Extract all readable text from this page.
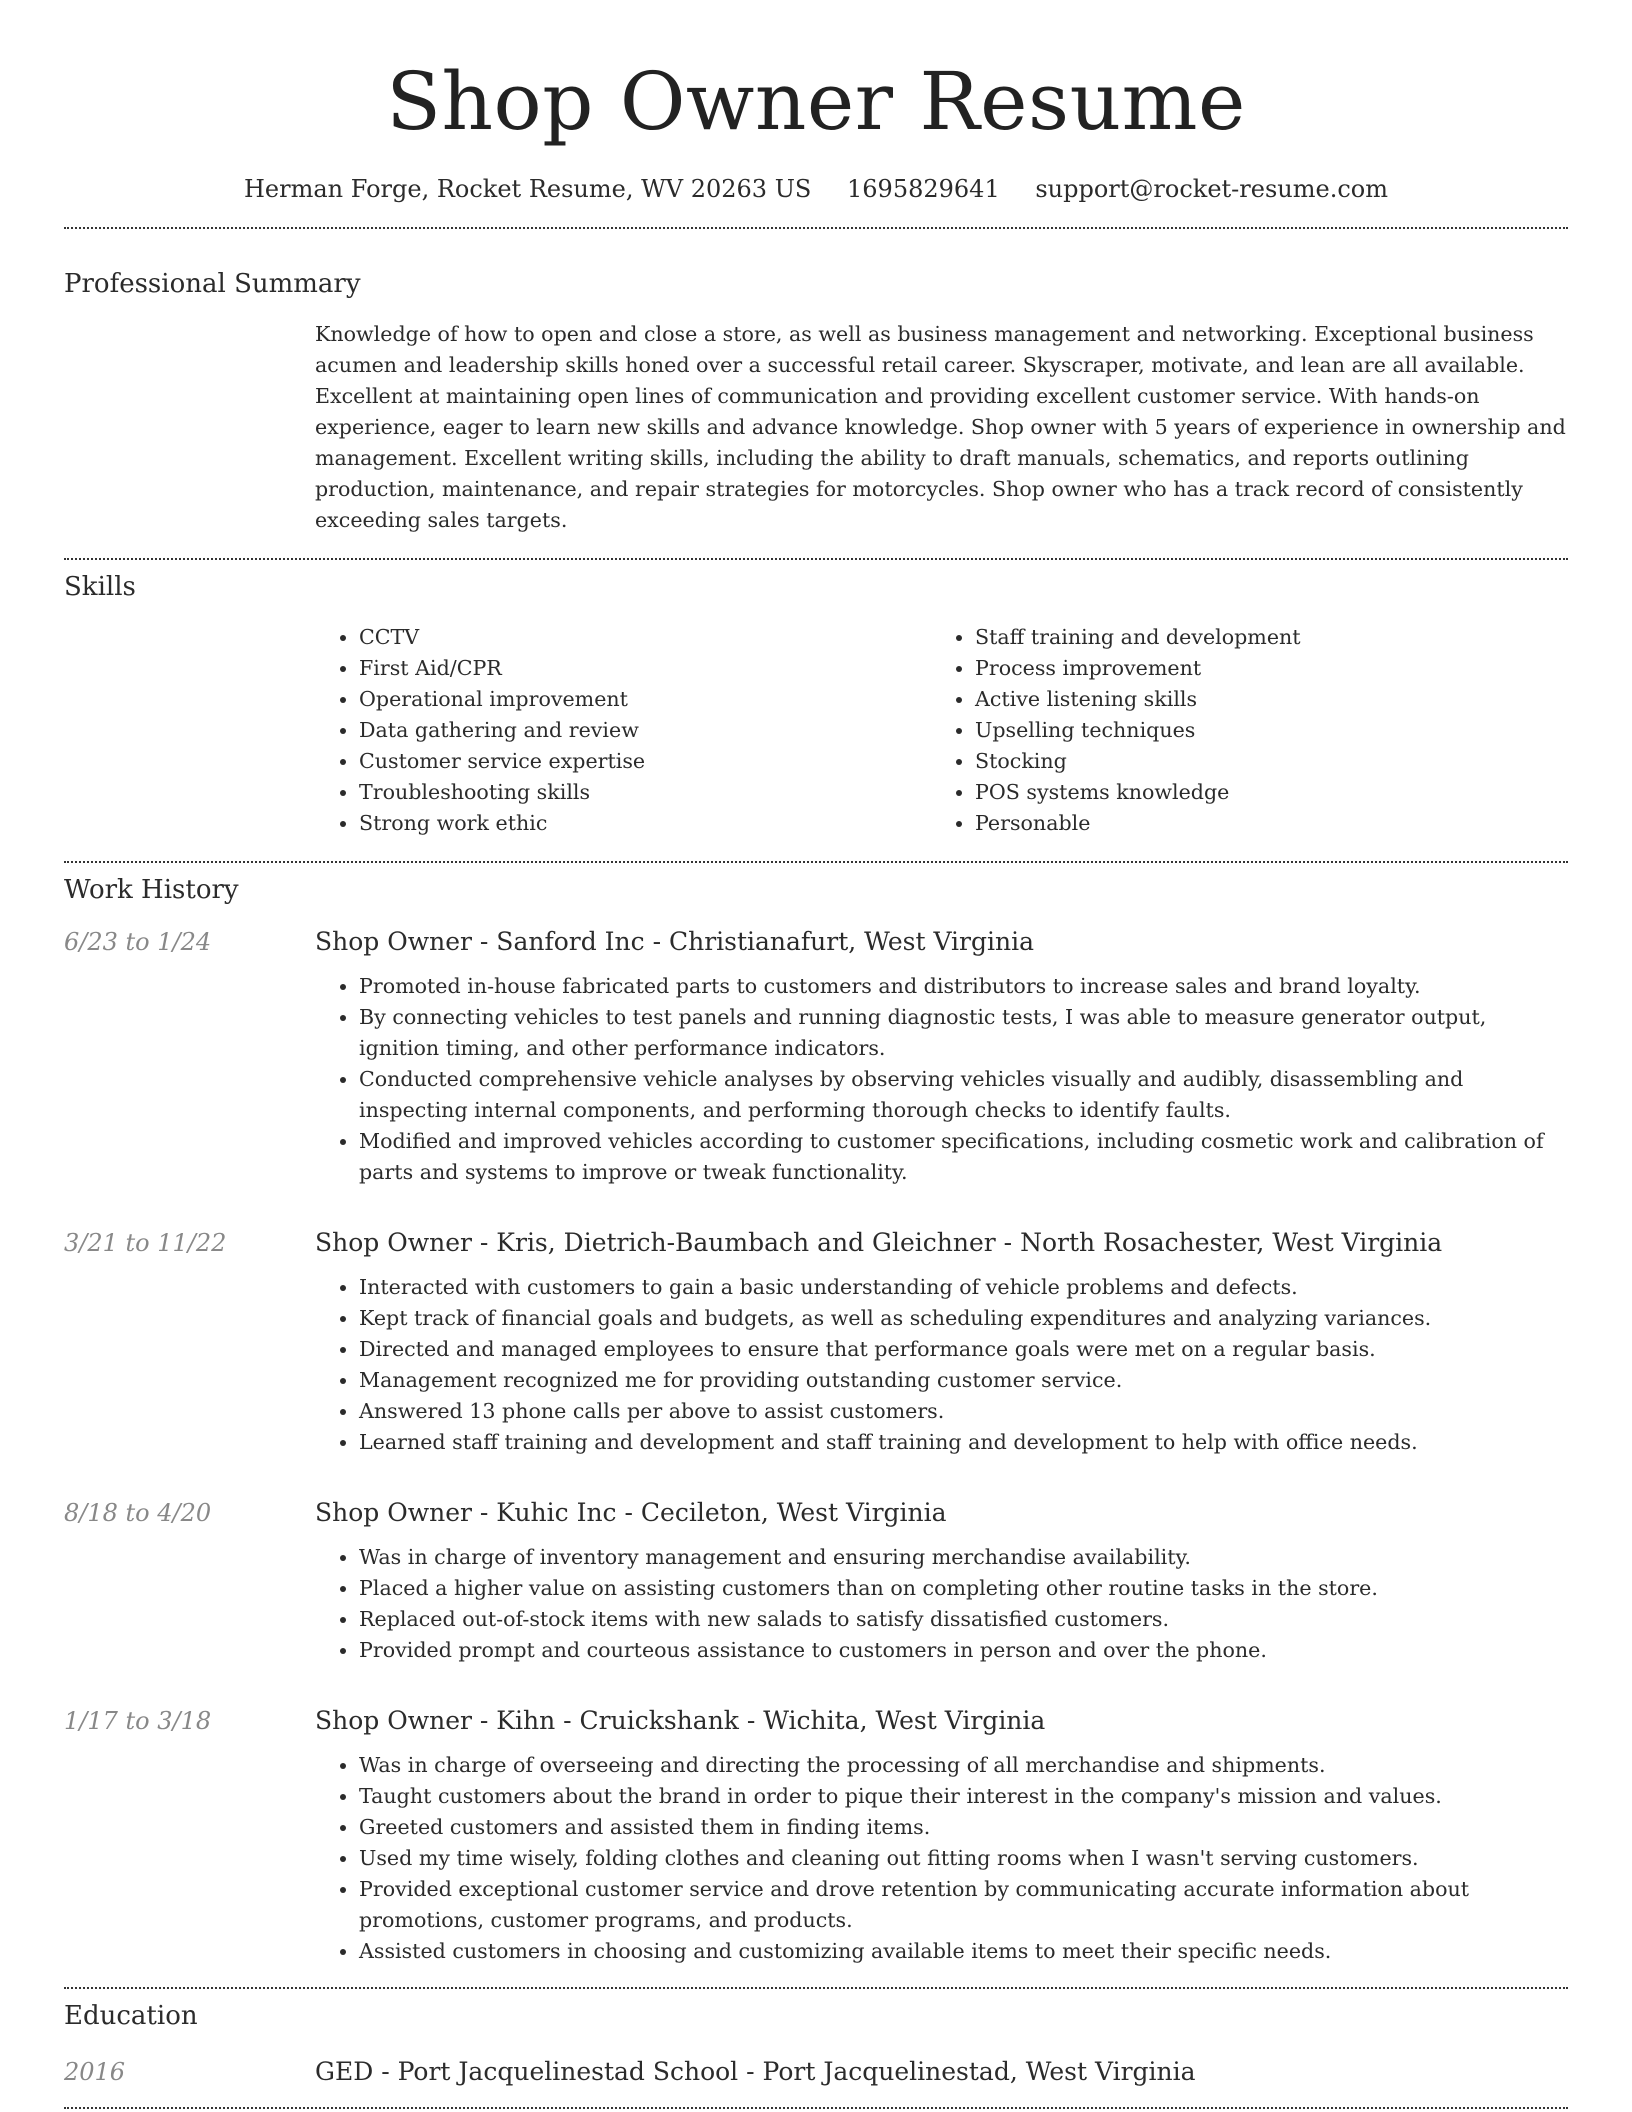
Shop Owner Resume
Herman Forge, Rocket Resume, WV 20263 US 1695829641 support@rocket-resume.com
Professional Summary

Knowledge of how to open and close a store, as well as business management and networking. Exceptional business acumen and leadership skills honed over a successful retail career. Skyscraper, motivate, and lean are all available. Excellent at maintaining open lines of communication and providing excellent customer service. With hands-on experience, eager to learn new skills and advance knowledge. Shop owner with 5 years of experience in ownership and management. Excellent writing skills, including the ability to draft manuals, schematics, and reports outlining production, maintenance, and repair strategies for motorcycles. Shop owner who has a track record of consistently exceeding sales targets.

Skills
• CCTV
• First Aid/CPR
• Operational improvement
• Data gathering and review
• Customer service expertise
• Troubleshooting skills
• Strong work ethic
• Staff training and development
• Process improvement
• Active listening skills
• Upselling techniques
• Stocking
• POS systems knowledge
• Personable
Work History
6/23 to 1/24	Shop Owner - Sanford Inc - Christianafurt, West Virginia
• Promoted in-house fabricated parts to customers and distributors to increase sales and brand loyalty.
• By connecting vehicles to test panels and running diagnostic tests, I was able to measure generator output, ignition timing, and other performance indicators.
• Conducted comprehensive vehicle analyses by observing vehicles visually and audibly, disassembling and inspecting internal components, and performing thorough checks to identify faults.
• Modified and improved vehicles according to customer specifications, including cosmetic work and calibration of parts and systems to improve or tweak functionality.
3/21 to 11/22	Shop Owner - Kris, Dietrich-Baumbach and Gleichner - North Rosachester, West Virginia
• Interacted with customers to gain a basic understanding of vehicle problems and defects.
• Kept track of financial goals and budgets, as well as scheduling expenditures and analyzing variances.
• Directed and managed employees to ensure that performance goals were met on a regular basis.
• Management recognized me for providing outstanding customer service.
• Answered 13 phone calls per above to assist customers.
• Learned staff training and development and staff training and development to help with office needs.
8/18 to 4/20	Shop Owner - Kuhic Inc - Cecileton, West Virginia
• Was in charge of inventory management and ensuring merchandise availability.
• Placed a higher value on assisting customers than on completing other routine tasks in the store.
• Replaced out-of-stock items with new salads to satisfy dissatisfied customers.
• Provided prompt and courteous assistance to customers in person and over the phone.
1/17 to 3/18	Shop Owner - Kihn - Cruickshank - Wichita, West Virginia
• Was in charge of overseeing and directing the processing of all merchandise and shipments.
• Taught customers about the brand in order to pique their interest in the company's mission and values.
• Greeted customers and assisted them in finding items.
• Used my time wisely, folding clothes and cleaning out fitting rooms when I wasn't serving customers.
• Provided exceptional customer service and drove retention by communicating accurate information about promotions, customer programs, and products.
• Assisted customers in choosing and customizing available items to meet their specific needs.
Education
2016	GED - Port Jacquelinestad School - Port Jacquelinestad, West Virginia
